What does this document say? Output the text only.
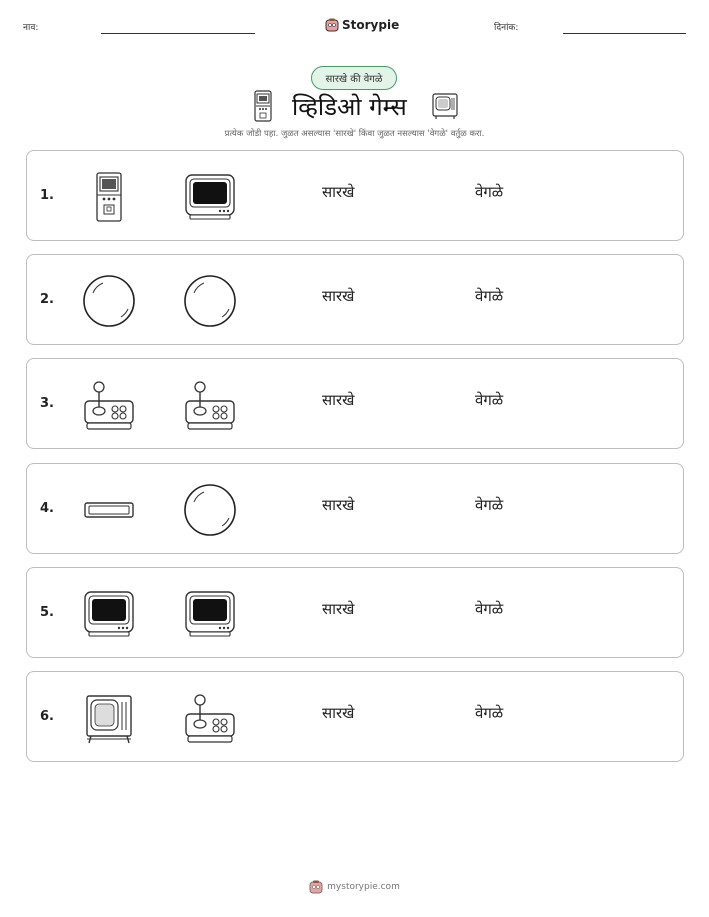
नाव:	Storypie	दिनांक:
सारखे की वेगळे
व्हिडिओ गेम्स
प्रत्येक जोडी पहा. जुळत असल्यास 'सारखे' किंवा जुळत नसल्यास 'वेगळे' वर्तुळ करा.
1.	सारखे	वेगळे
2.	सारखे	वेगळे
3.	सारखे	वेगळे
4.	सारखे	वेगळे
5.	सारखे	वेगळे
6.	सारखे	वेगळे
mystorypie.com
